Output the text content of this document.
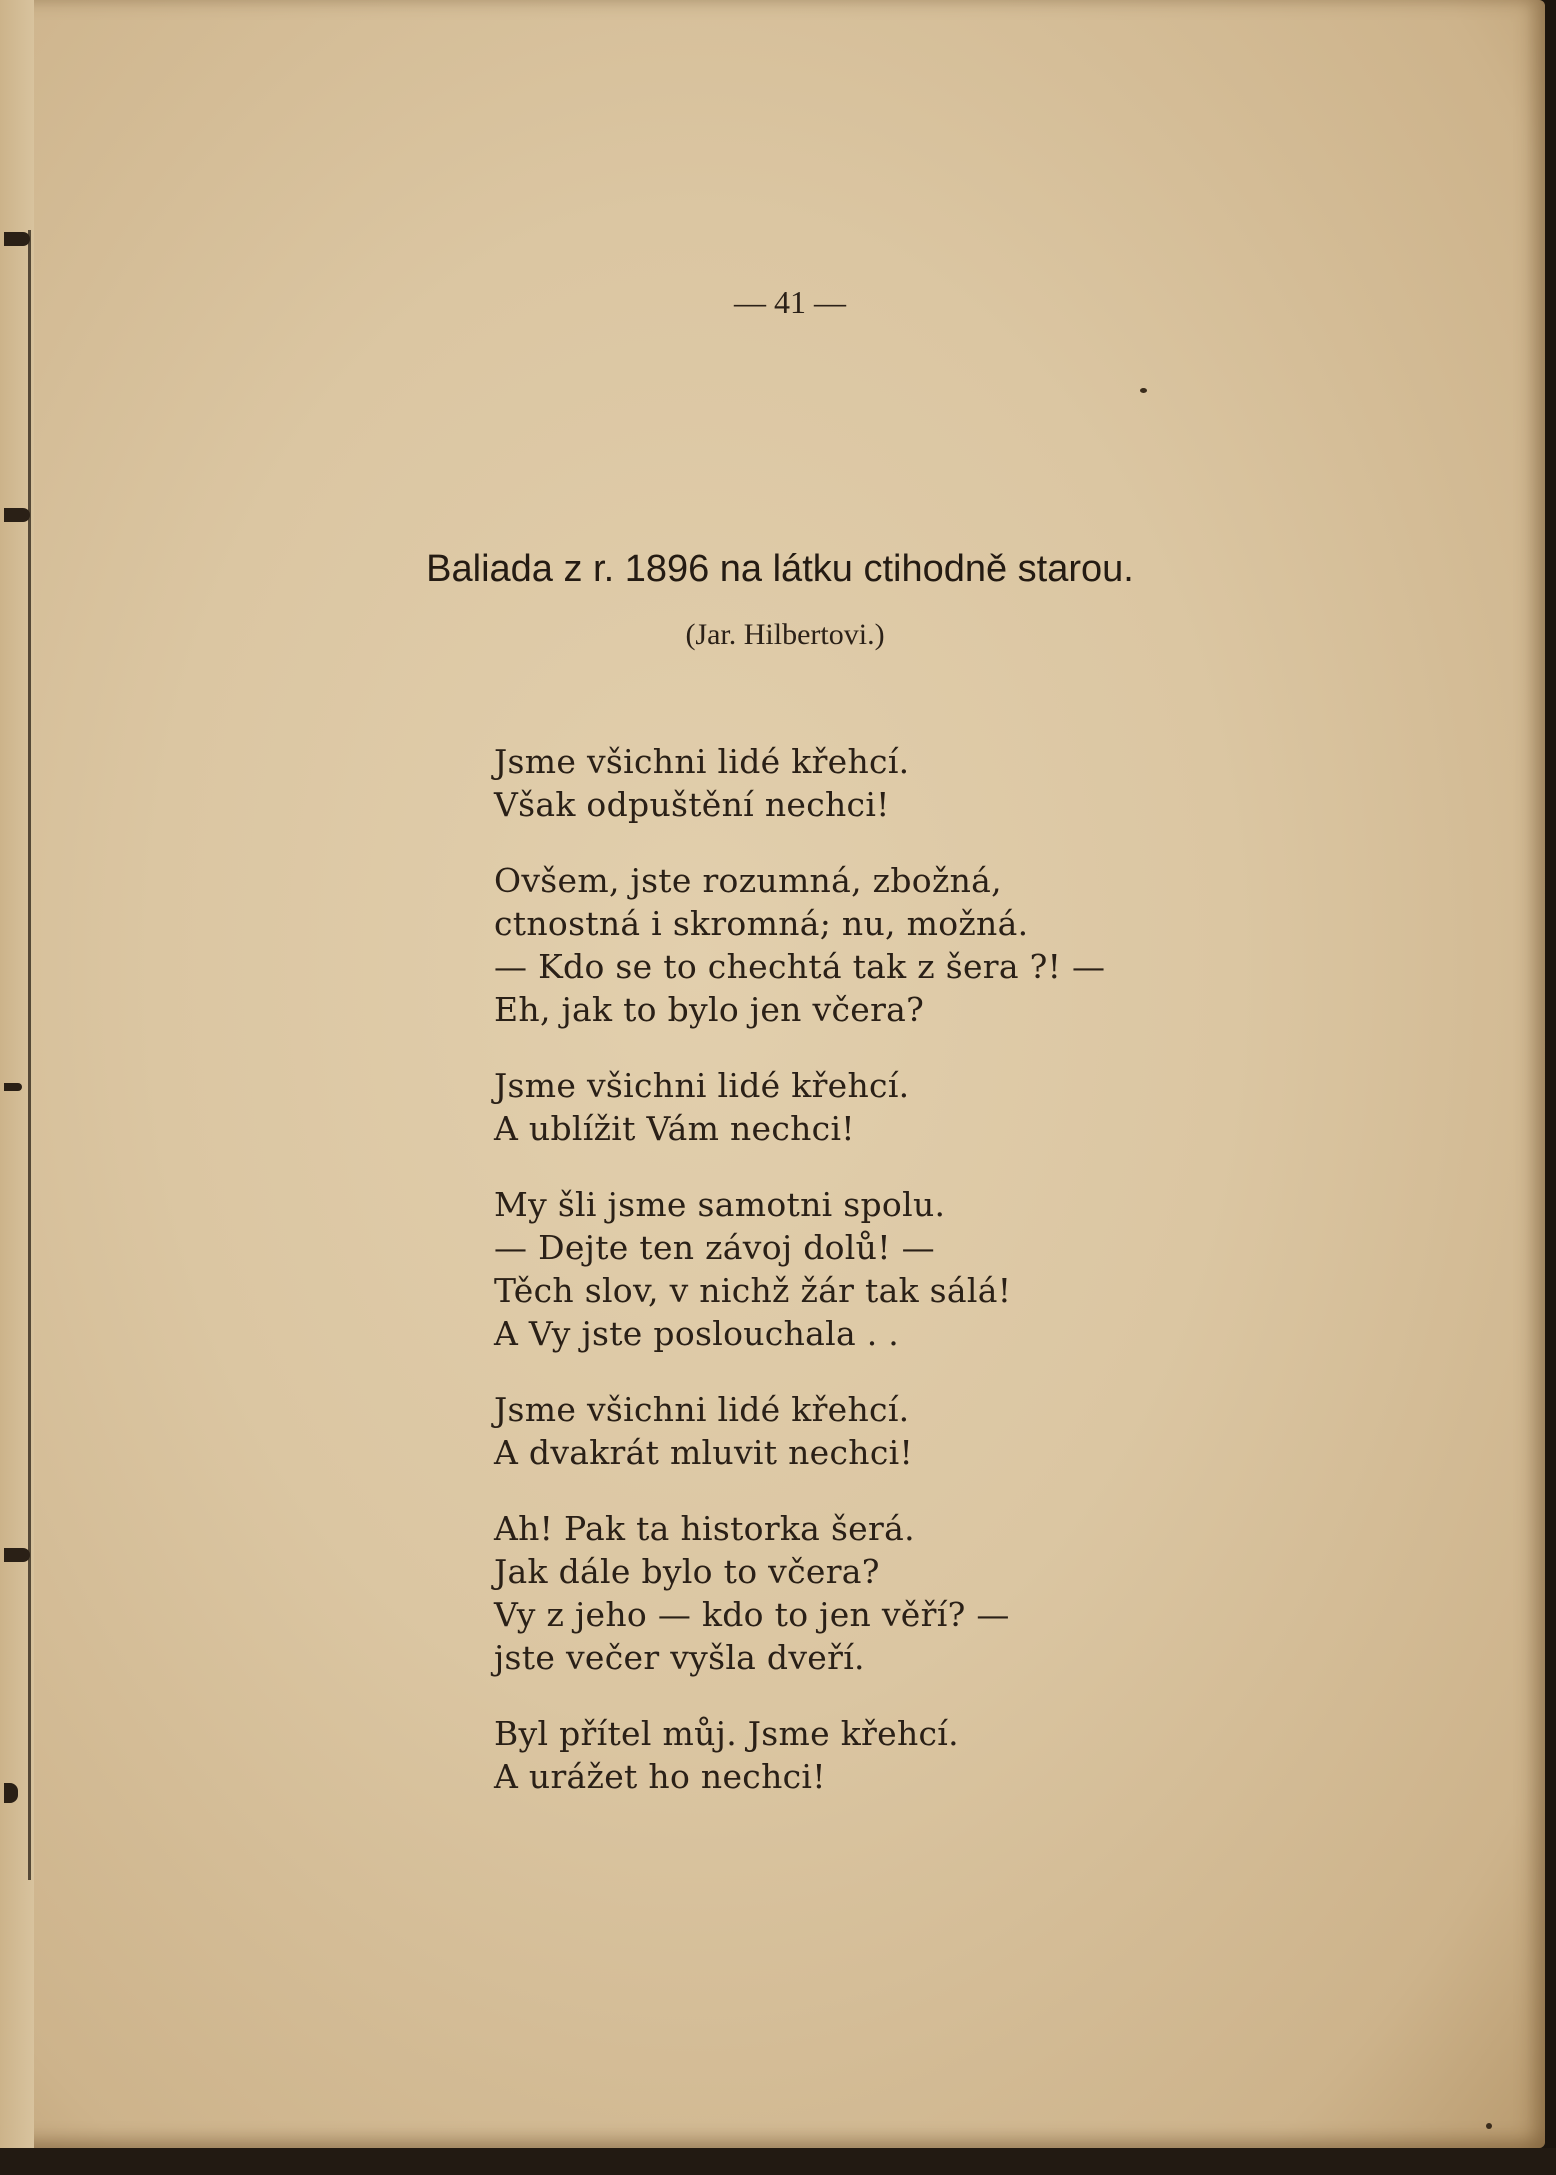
— 41 —

Baliada z r. 1896 na látku ctihodně starou.

(Jar. Hilbertovi.)

Jsme všichni lidé křehcí.
Však odpuštění nechci!
Ovšem, jste rozumná, zbožná,
ctnostná i skromná; nu, možná.
— Kdo se to chechtá tak z šera ?! —
Eh, jak to bylo jen včera?
Jsme všichni lidé křehcí.
A ublížit Vám nechci!
My šli jsme samotni spolu.
— Dejte ten závoj dolů! —
Těch slov, v nichž žár tak sálá!
A Vy jste poslouchala . .
Jsme všichni lidé křehcí.
A dvakrát mluvit nechci!
Ah! Pak ta historka šerá.
Jak dále bylo to včera?
Vy z jeho — kdo to jen věří? —
jste večer vyšla dveří.
Byl přítel můj. Jsme křehcí.
A urážet ho nechci!
